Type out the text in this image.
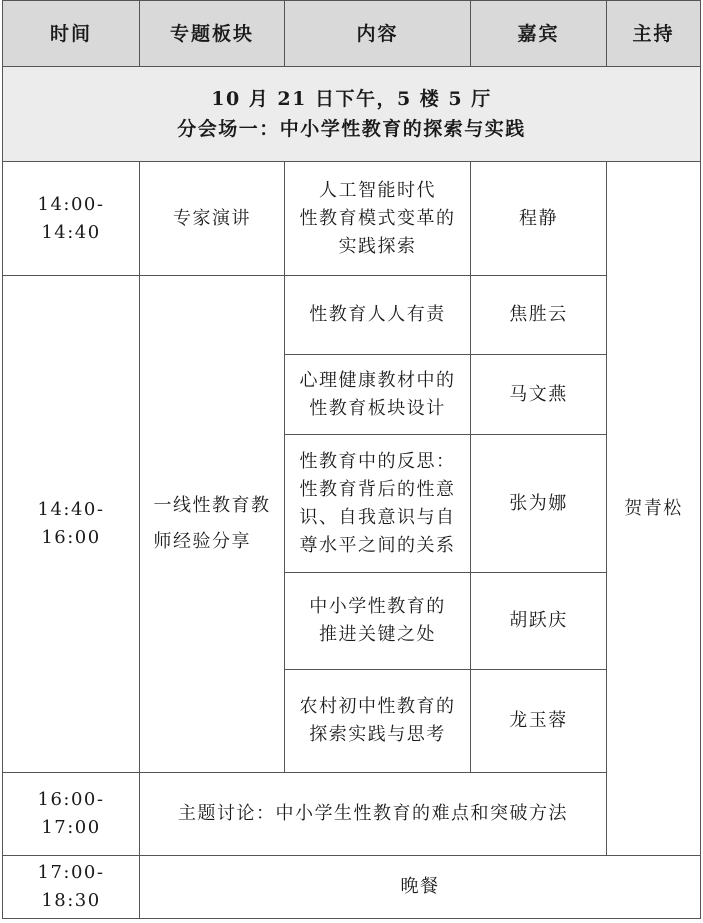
时间	专题板块	内容	嘉宾	主持

10 月 21 日下午，5 楼 5 厅
分会场一：中小学性教育的探索与实践				

14:00-14:40	专家演讲	人工智能时代
性教育模式变革的
实践探索	程静	贺青松
14:40-16:00	一线性教育教
师经验分享	性教育人人有责	焦胜云	

		心理健康教材中的
性教育板块设计	马文燕	

		性教育中的反思：
性教育背后的性意
识、自我意识与自
尊水平之间的关系	张为娜	

		中小学性教育的
推进关键之处	胡跃庆	

		农村初中性教育的
探索实践与思考	龙玉蓉	
16:00-17:00	主题讨论：中小学生性教育的难点和突破方法			
17:00-18:30	晚餐			
